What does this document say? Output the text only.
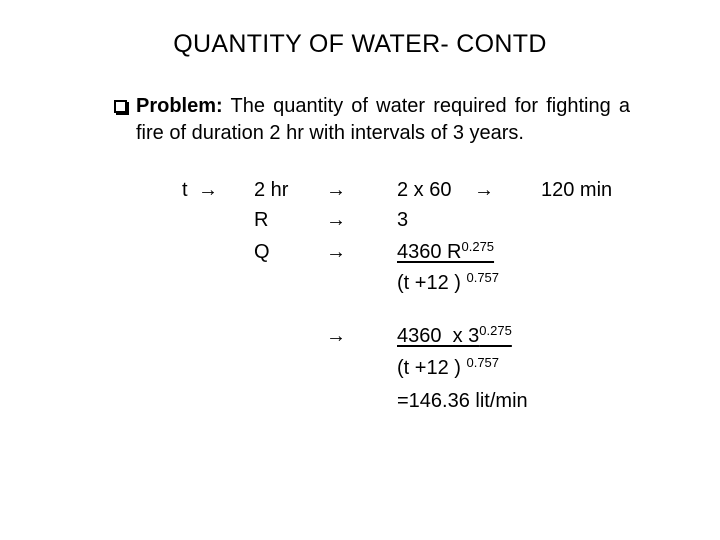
QUANTITY OF WATER- CONTD

Problem: The quantity of water required for fighting a fire of duration 2 hr with intervals of 3 years.

t → 2 hr →	2 x 60 → 120 min
R	→	3
Q	→	4360 $R^{0.275}$
(t +12 ) $^{0.757}$
→	4360  x $3^{0.275}$
(t +12 ) $^{0.757}$
=146.36 lit/min
